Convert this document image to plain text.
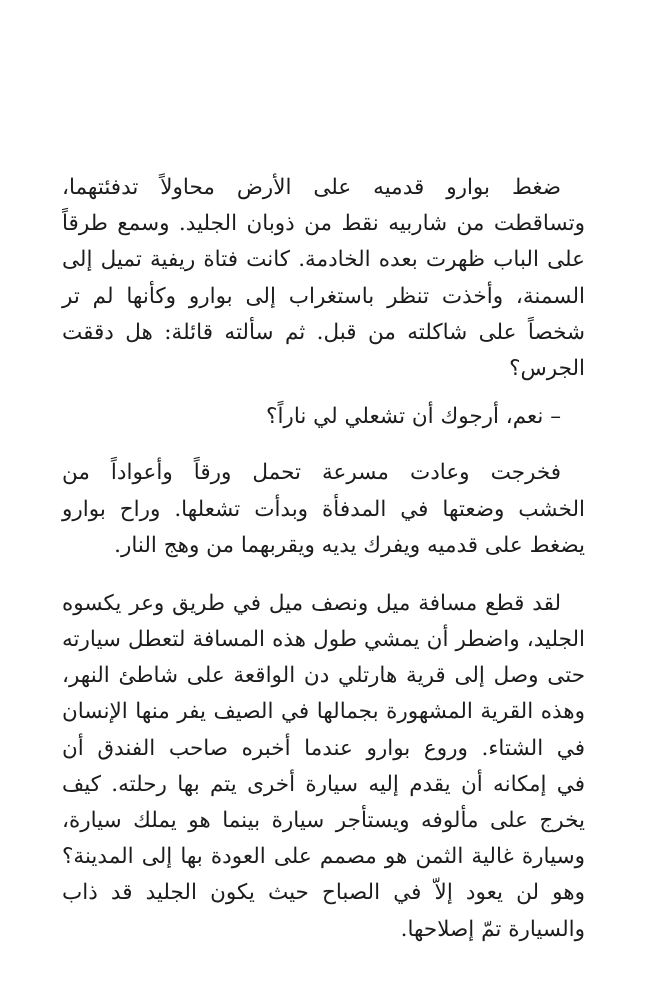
ضغط بوارو قدميه على الأرض محاولاً تدفئتهما،
وتساقطت من شاربيه نقط من ذوبان الجليد. وسمع طرقاً
على الباب ظهرت بعده الخادمة. كانت فتاة ريفية تميل إلى
السمنة، وأخذت تنظر باستغراب إلى بوارو وكأنها لم تر
شخصاً على شاكلته من قبل. ثم سألته قائلة: هل دققت
الجرس؟
– نعم، أرجوك أن تشعلي لي ناراً؟
فخرجت وعادت مسرعة تحمل ورقاً وأعواداً من
الخشب وضعتها في المدفأة وبدأت تشعلها. وراح بوارو
يضغط على قدميه ويفرك يديه ويقربهما من وهج النار.
لقد قطع مسافة ميل ونصف ميل في طريق وعر يكسوه
الجليد، واضطر أن يمشي طول هذه المسافة لتعطل سيارته
حتى وصل إلى قرية هارتلي دن الواقعة على شاطئ النهر،
وهذه القرية المشهورة بجمالها في الصيف يفر منها الإنسان
في الشتاء. وروع بوارو عندما أخبره صاحب الفندق أن
في إمكانه أن يقدم إليه سيارة أخرى يتم بها رحلته. كيف
يخرج على مألوفه ويستأجر سيارة بينما هو يملك سيارة،
وسيارة غالية الثمن هو مصمم على العودة بها إلى المدينة؟
وهو لن يعود إلاّ في الصباح حيث يكون الجليد قد ذاب
والسيارة تمّ إصلاحها.
